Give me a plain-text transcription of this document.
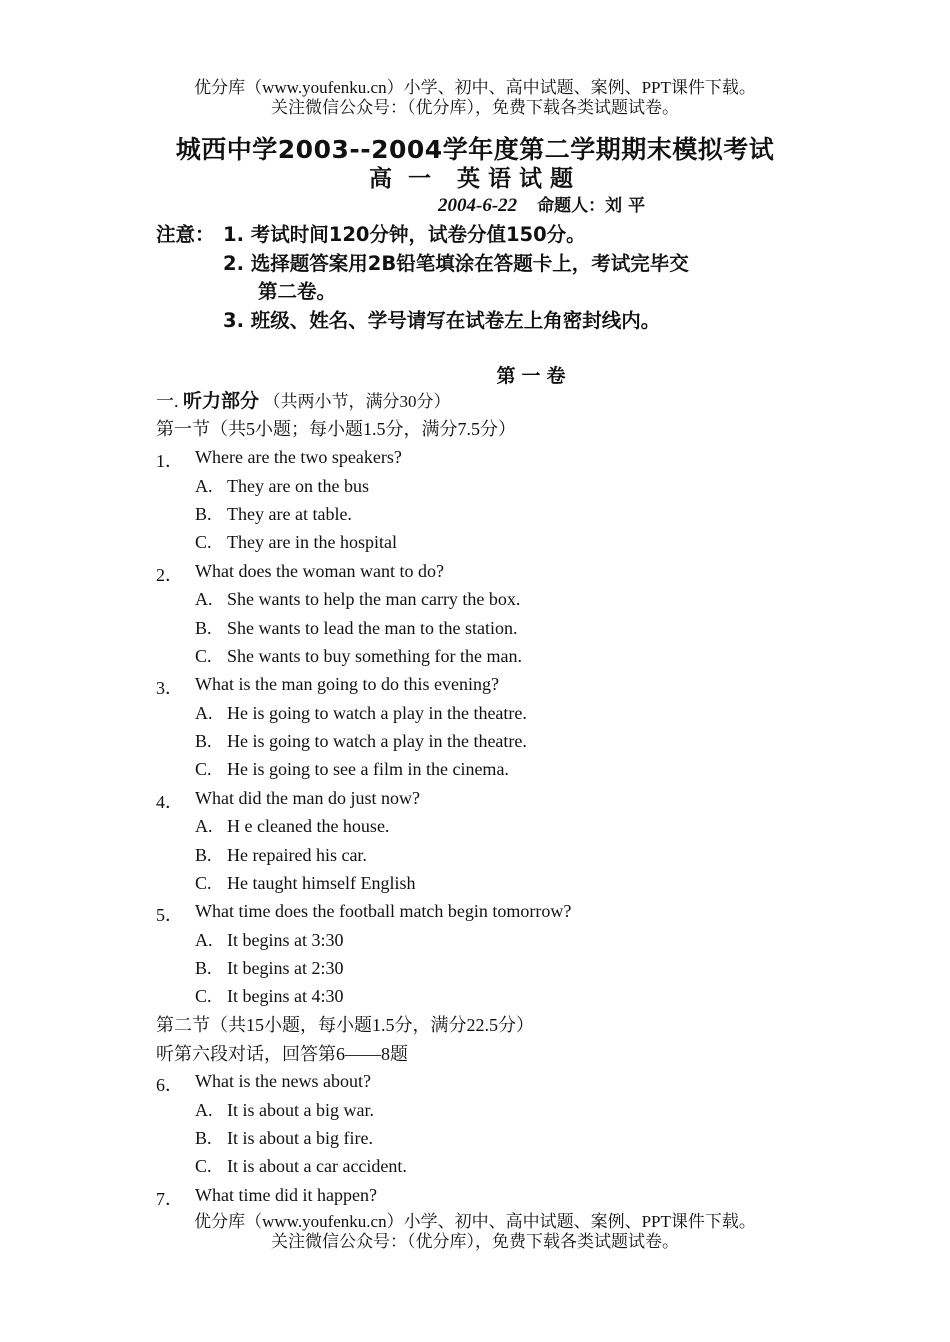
优分库（www.youfenku.cn）小学、初中、高中试题、案例、PPT课件下载。
关注微信公众号：（优分库），免费下载各类试题试卷。
城西中学2003--2004学年度第二学期期末模拟考试
高  一 英语试题
2004-6-22 命题人：刘 平
注意： 1. 考试时间120分钟，试卷分值150分。
2. 选择题答案用2B铅笔填涂在答题卡上，考试完毕交
第二卷。
3. 班级、姓名、学号请写在试卷左上角密封线内。
第一卷
一. 听力部分 （共两小节，满分30分）
第一节（共5小题；每小题1.5分，满分7.5分）
1． Where are the two speakers?
A. They are on the bus
B. They are at table.
C. They are in the hospital
2． What does the woman want to do?
A. She wants to help the man carry the box.
B. She wants to lead the man to the station.
C. She wants to buy something for the man.
3． What is the man going to do this evening?
A. He is going to watch a play in the theatre.
B. He is going to watch a play in the theatre.
C. He is going to see a film in the cinema.
4． What did the man do just now?
A. H e cleaned the house.
B. He repaired his car.
C. He taught himself English
5． What time does the football match begin tomorrow?
A. It begins at 3:30
B. It begins at 2:30
C. It begins at 4:30
第二节（共15小题，每小题1.5分，满分22.5分）
听第六段对话，回答第6——8题
6． What is the news about?
A. It is about a big war.
B. It is about a big fire.
C. It is about a car accident.
7． What time did it happen?
优分库（www.youfenku.cn）小学、初中、高中试题、案例、PPT课件下载。
关注微信公众号：（优分库），免费下载各类试题试卷。
